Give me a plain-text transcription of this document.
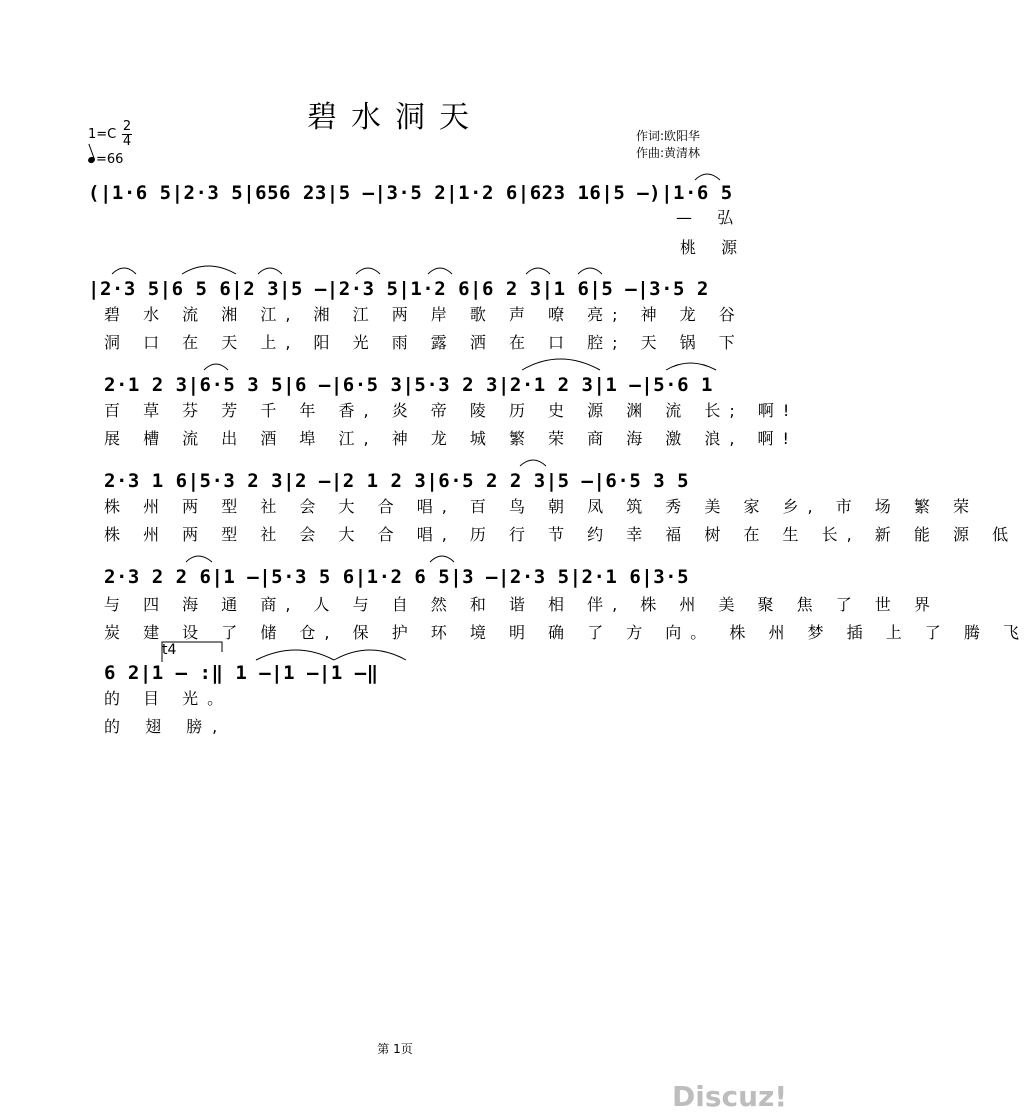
碧水洞天
1=C
2
4
=66
作词:欧阳华
作曲:黄清林
(|1·6 5|2·3 5|656 23|5 –|3·5 2|1·2 6|623 16|5 –)|1·6 5
— 弘
桃 源
|2·3 5|6 5 6|2 3|5 –|2·3 5|1·2 6|6 2 3|1 6|5 –|3·5 2
碧 水 流 湘 江, 湘 江 两 岸 歌 声 嘹 亮; 神 龙 谷
洞 口 在 天 上, 阳 光 雨 露 洒 在 口 腔; 天 锅 下
2·1 2 3|6·5 3 5|6 –|6·5 3|5·3 2 3|2·1 2 3|1 –|5·6 1
百 草 芬 芳 千 年 香, 炎 帝 陵 历 史 源 渊 流 长; 啊!
展 槽 流 出 酒 埠 江, 神 龙 城 繁 荣 商 海 激 浪, 啊!
2·3 1 6|5·3 2 3|2 –|2 1 2 3|6·5 2 2 3|5 –|6·5 3 5
株 州 两 型 社 会 大 合 唱, 百 鸟 朝 凤 筑 秀 美 家 乡, 市 场 繁 荣
株 州 两 型 社 会 大 合 唱, 历 行 节 约 幸 福 树 在 生 长, 新 能 源 低
2·3 2 2 6|1 –|5·3 5 6|1·2 6 5|3 –|2·3 5|2·1 6|3·5
与 四 海 通 商, 人 与 自 然 和 谐 相 伴, 株 州 美 聚 焦 了 世 界
炭 建 设 了 储 仓, 保 护 环 境 明 确 了 方 向。 株 州 梦 插 上 了 腾 飞
t4
6 2|1 – :‖ 1 –|1 –|1 –‖
的 目 光。
的 翅 膀,
第 1页
Discuz!
